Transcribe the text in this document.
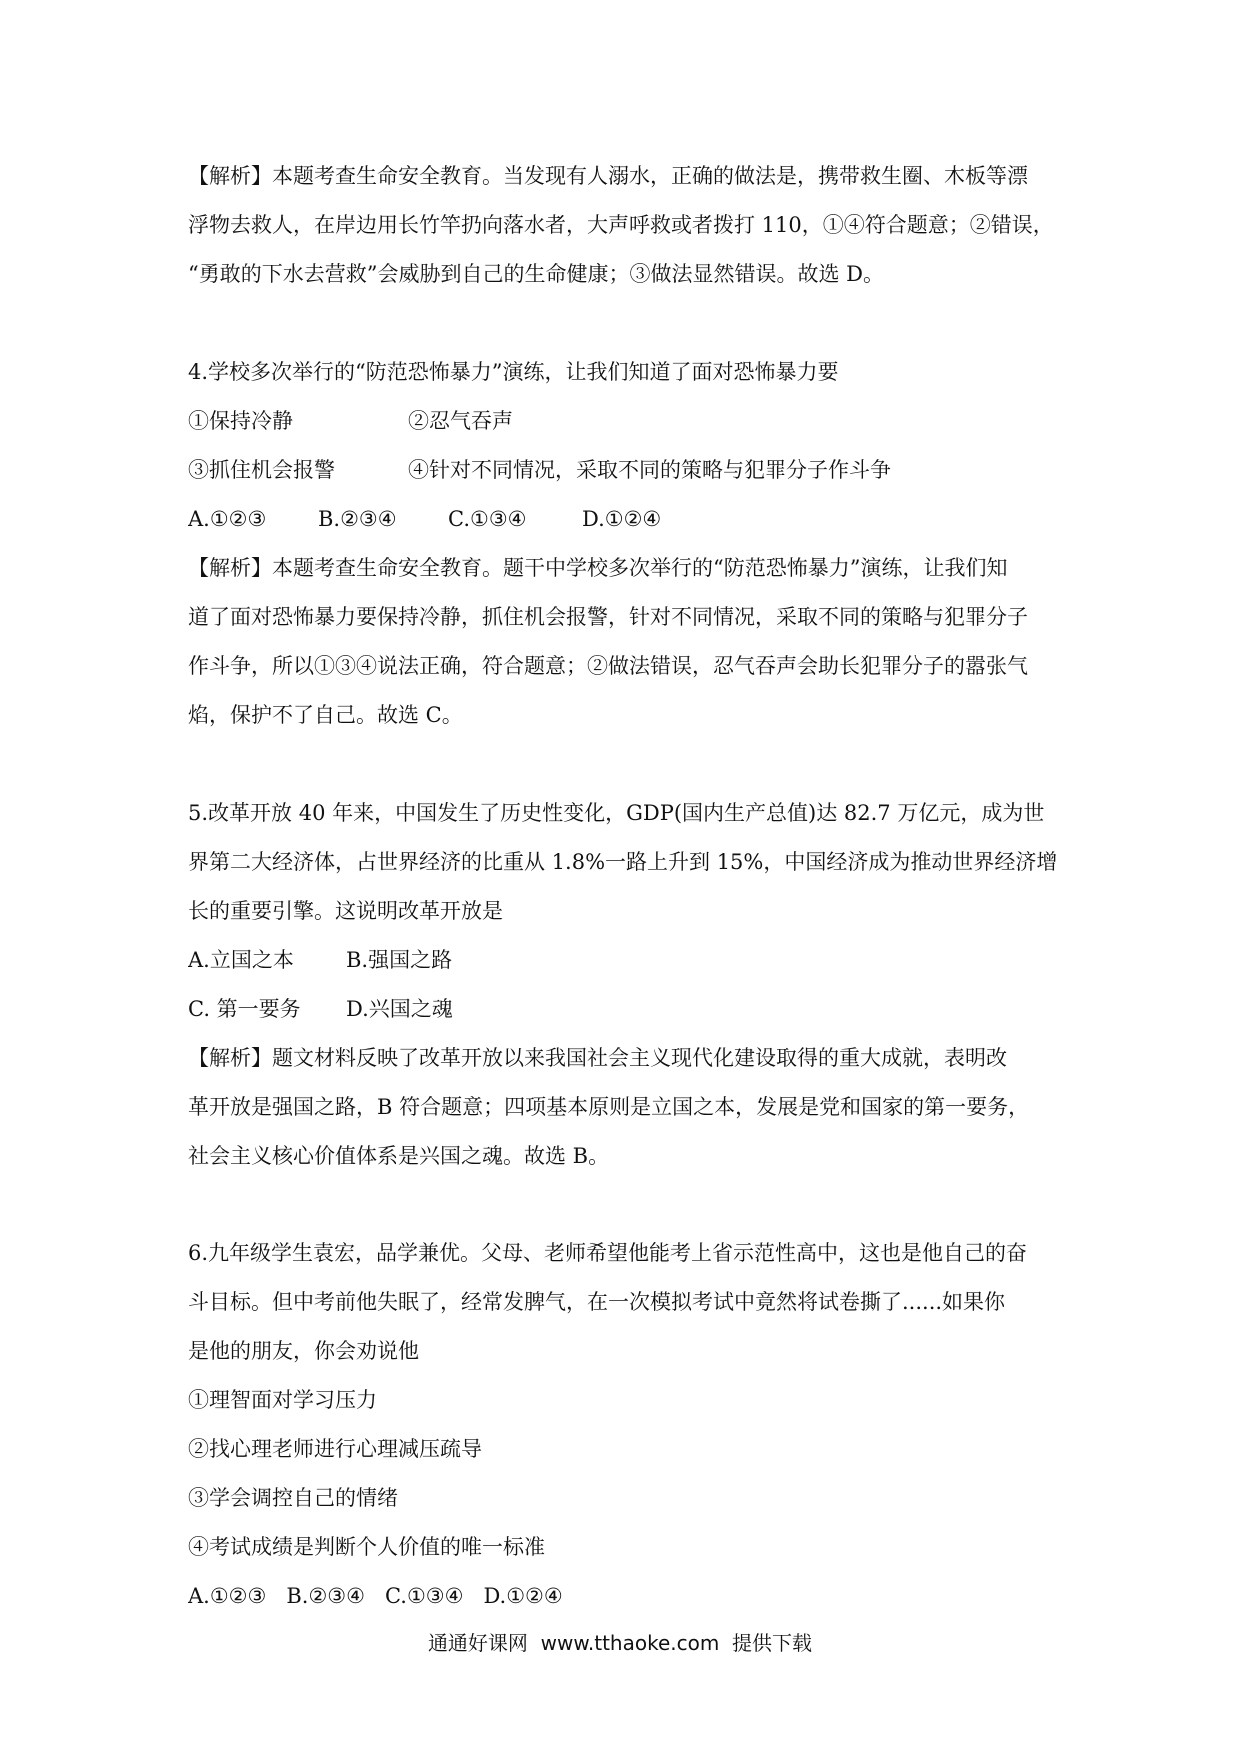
【解析】本题考查生命安全教育。当发现有人溺水，正确的做法是，携带救生圈、木板等漂
浮物去救人，在岸边用长竹竿扔向落水者，大声呼救或者拨打 110，①④符合题意；②错误，
“勇敢的下水去营救”会威胁到自己的生命健康；③做法显然错误。故选 D。
4.学校多次举行的“防范恐怖暴力”演练，让我们知道了面对恐怖暴力要
①保持冷静	②忍气吞声
③抓住机会报警	④针对不同情况，采取不同的策略与犯罪分子作斗争
A.①②③ B.②③④ C.①③④	D.①②④
【解析】本题考查生命安全教育。题干中学校多次举行的“防范恐怖暴力”演练，让我们知
道了面对恐怖暴力要保持冷静，抓住机会报警，针对不同情况，采取不同的策略与犯罪分子
作斗争，所以①③④说法正确，符合题意；②做法错误，忍气吞声会助长犯罪分子的嚣张气
焰，保护不了自己。故选 C。
5.改革开放 40 年来，中国发生了历史性变化，GDP(国内生产总值)达 82.7 万亿元，成为世
界第二大经济体，占世界经济的比重从 1.8%一路上升到 15%，中国经济成为推动世界经济增
长的重要引擎。这说明改革开放是
A.立国之本 B.强国之路
C. 第一要务 D.兴国之魂
【解析】题文材料反映了改革开放以来我国社会主义现代化建设取得的重大成就，表明改
革开放是强国之路，B 符合题意；四项基本原则是立国之本，发展是党和国家的第一要务，
社会主义核心价值体系是兴国之魂。故选 B。
6.九年级学生袁宏，品学兼优。父母、老师希望他能考上省示范性高中，这也是他自己的奋
斗目标。但中考前他失眠了，经常发脾气，在一次模拟考试中竟然将试卷撕了......如果你
是他的朋友，你会劝说他
①理智面对学习压力
②找心理老师进行心理减压疏导
③学会调控自己的情绪
④考试成绩是判断个人价值的唯一标准
A.①②③   B.②③④   C.①③④   D.①②④
通通好课网  www.tthaoke.com  提供下载
